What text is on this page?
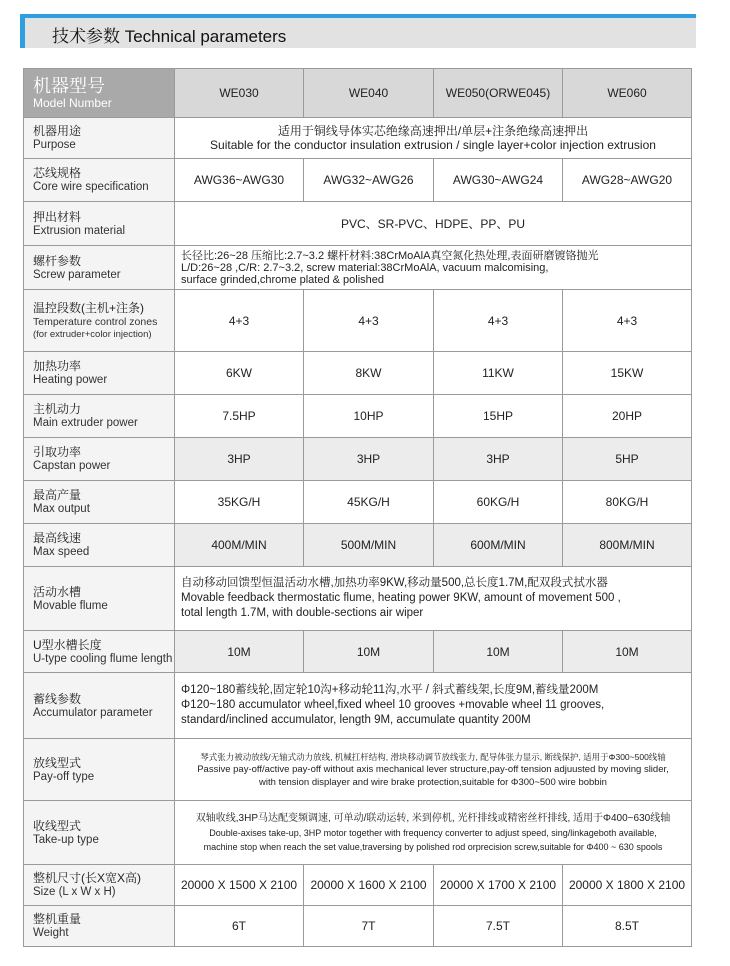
技术参数 Technical parameters
机器型号
Model Number	WE030	WE040	WE050(ORWE045)	WE060

机器用途
Purpose	适用于铜线导体实芯绝缘高速押出/单层+注条绝缘高速押出
Suitable for the conductor insulation extrusion / single layer+color injection extrusion			

芯线规格
Core wire specification	AWG36~AWG30	AWG32~AWG26	AWG30~AWG24	AWG28~AWG20

押出材料
Extrusion material	PVC、SR-PVC、HDPE、PP、PU			

螺杆参数
Screw parameter	长径比:26~28 压缩比:2.7~3.2 螺杆材料:38CrMoAlA真空氮化热处理,表面研磨镀铬抛光
L/D:26~28 ,C/R: 2.7~3.2, screw material:38CrMoAlA, vacuum malcomising,
surface grinded,chrome plated & polished			

温控段数(主机+注条)
Temperature control zones
(for extruder+color injection)	4+3	4+3	4+3	4+3

加热功率
Heating power	6KW	8KW	11KW	15KW

主机动力
Main extruder power	7.5HP	10HP	15HP	20HP

引取功率
Capstan power	3HP	3HP	3HP	5HP

最高产量
Max output	35KG/H	45KG/H	60KG/H	80KG/H

最高线速
Max speed	400M/MIN	500M/MIN	600M/MIN	800M/MIN

活动水槽
Movable flume	自动移动回馈型恒温活动水槽,加热功率9KW,移动量500,总长度1.7M,配双段式拭水器
Movable feedback thermostatic flume, heating power 9KW, amount of movement 500 ,
total length 1.7M, with double-sections air wiper			

U型水槽长度
U-type cooling flume length	10M	10M	10M	10M

蓄线参数
Accumulator parameter	Φ120~180蓄线轮,固定轮10沟+移动轮11沟,水平 / 斜式蓄线架,长度9M,蓄线量200M
Φ120~180 accumulator wheel,fixed wheel 10 grooves +movable wheel 11 grooves,
standard/inclined accumulator, length 9M, accumulate quantity 200M			

放线型式
Pay-off type	琴式张力被动放线/无轴式动力放线, 机械扛杆结构, 滑块移动调节放线张力, 配导体张力显示, 断线保护, 适用于Φ300~500线轴
Passive pay-off/active pay-off without axis mechanical lever structure,pay-off tension adjuusted by moving slider,
with tension displayer and wire brake protection,suitable for Φ300~500 wire bobbin			

收线型式
Take-up type	双轴收线,3HP马达配变频调速, 可单动/联动运转, 米到停机, 光杆排线或精密丝杆排线, 适用于Φ400~630线轴
Double-axises take-up, 3HP motor together with frequency converter to adjust speed, sing/linkageboth available,
machine stop when reach the set value,traversing by polished rod orprecision screw,suitable for Φ400 ~ 630 spools			

整机尺寸(长X宽X高)
Size (L x W x H)	20000 X 1500 X 2100	20000 X 1600 X 2100	20000 X 1700 X 2100	20000 X 1800 X 2100

整机重量
Weight	6T	7T	7.5T	8.5T
